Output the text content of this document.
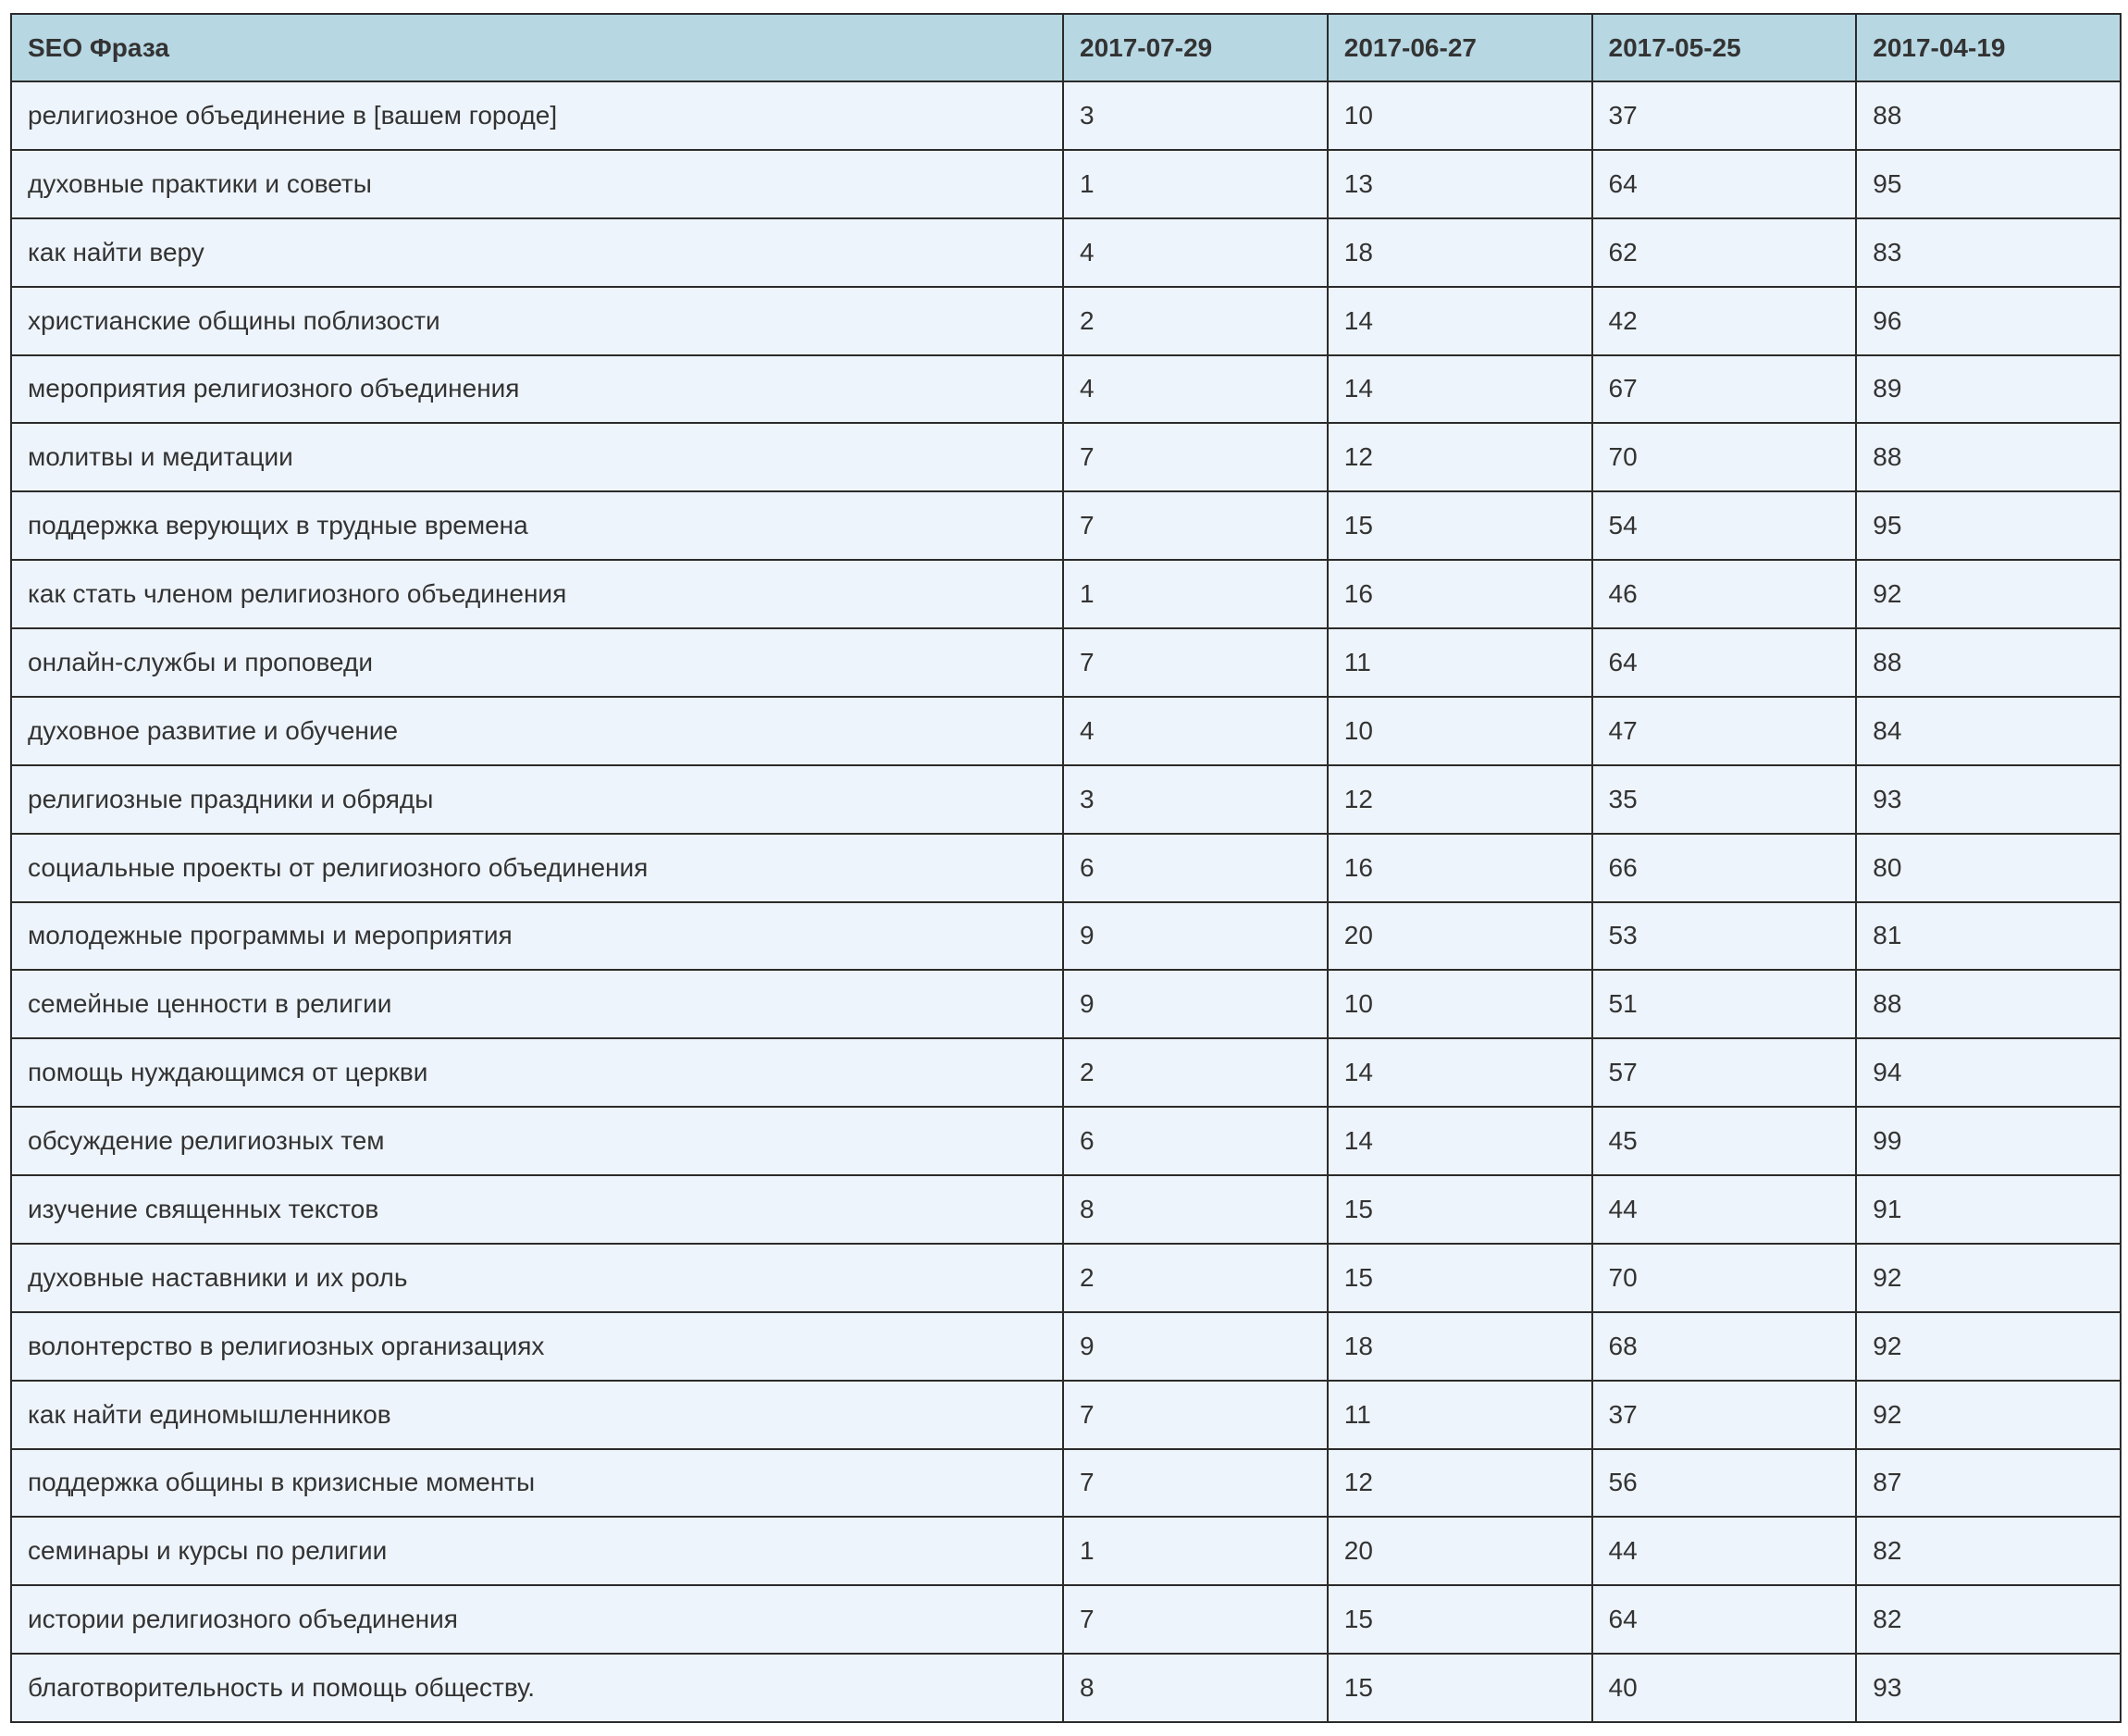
SEO Фраза	2017-07-29	2017-06-27	2017-05-25	2017-04-19
религиозное объединение в [вашем городе]	3	10	37	88
духовные практики и советы	1	13	64	95
как найти веру	4	18	62	83
христианские общины поблизости	2	14	42	96
мероприятия религиозного объединения	4	14	67	89
молитвы и медитации	7	12	70	88
поддержка верующих в трудные времена	7	15	54	95
как стать членом религиозного объединения	1	16	46	92
онлайн-службы и проповеди	7	11	64	88
духовное развитие и обучение	4	10	47	84
религиозные праздники и обряды	3	12	35	93
социальные проекты от религиозного объединения	6	16	66	80
молодежные программы и мероприятия	9	20	53	81
семейные ценности в религии	9	10	51	88
помощь нуждающимся от церкви	2	14	57	94
обсуждение религиозных тем	6	14	45	99
изучение священных текстов	8	15	44	91
духовные наставники и их роль	2	15	70	92
волонтерство в религиозных организациях	9	18	68	92
как найти единомышленников	7	11	37	92
поддержка общины в кризисные моменты	7	12	56	87
семинары и курсы по религии	1	20	44	82
истории религиозного объединения	7	15	64	82
благотворительность и помощь обществу.	8	15	40	93
